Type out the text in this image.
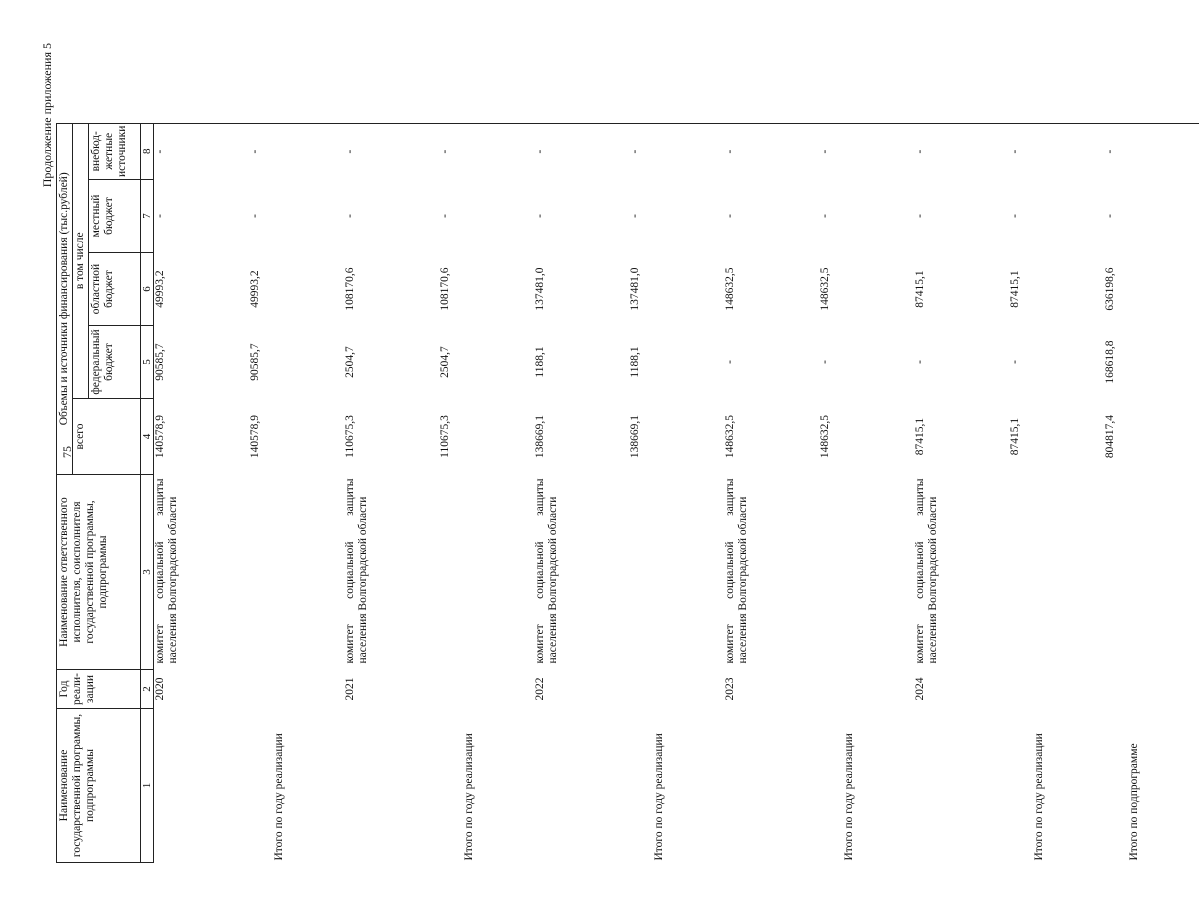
75
Продолжение приложения 5
Наименование государственной программы, подпрограммы	Год реали-зации	Наименование ответственного исполнителя, соисполнителя государственной программы, подпрограммы	Объемы и источники финансирования (тыс.рублей)				
			всего	в том числе			
				федеральный бюджет	областной бюджет	местный бюджет	внебюд-жетные источники
1	2	3	4	5	6	7	8
	2020	комитет социальной защиты населения Волгоградской области	140578,9	90585,7	49993,2	-	-
Итого по году реализации			140578,9	90585,7	49993,2	-	-
	2021	комитет социальной защиты населения Волгоградской области	110675,3	2504,7	108170,6	-	-
Итого по году реализации			110675,3	2504,7	108170,6	-	-
	2022	комитет социальной защиты населения Волгоградской области	138669,1	1188,1	137481,0	-	-
Итого по году реализации			138669,1	1188,1	137481,0	-	-
	2023	комитет социальной защиты населения Волгоградской области	148632,5	-	148632,5	-	-
Итого по году реализации			148632,5	-	148632,5	-	-
	2024	комитет социальной защиты населения Волгоградской области	87415,1	-	87415,1	-	-
Итого по году реализации			87415,1	-	87415,1	-	-
Итого по подпрограмме			804817,4	168618,8	636198,6	-	-
